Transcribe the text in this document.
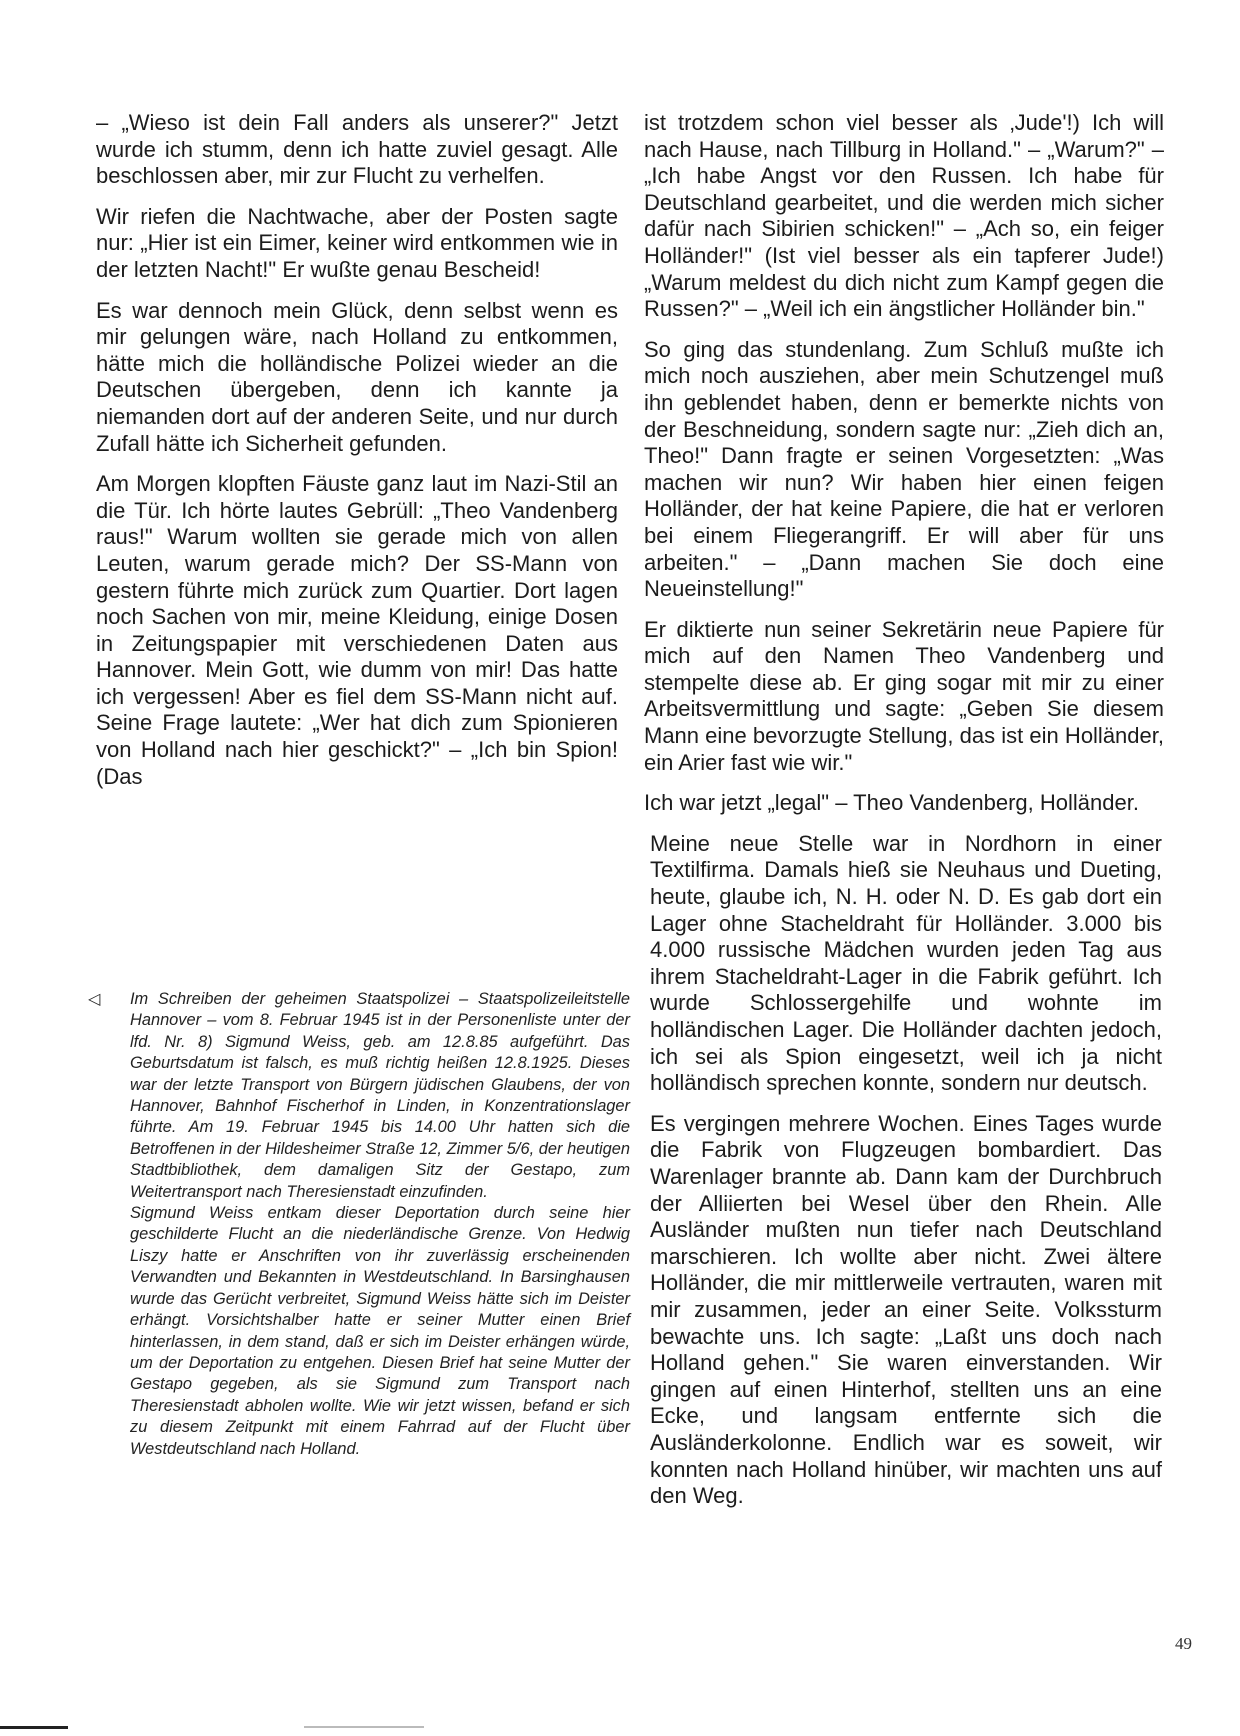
– „Wieso ist dein Fall anders als unserer?" Jetzt wurde ich stumm, denn ich hatte zuviel gesagt. Alle beschlossen aber, mir zur Flucht zu verhelfen.

Wir riefen die Nachtwache, aber der Posten sagte nur: „Hier ist ein Eimer, keiner wird entkommen wie in der letzten Nacht!" Er wußte genau Bescheid!

Es war dennoch mein Glück, denn selbst wenn es mir gelungen wäre, nach Holland zu entkommen, hätte mich die holländische Polizei wieder an die Deutschen übergeben, denn ich kannte ja niemanden dort auf der anderen Seite, und nur durch Zufall hätte ich Sicherheit gefunden.

Am Morgen klopften Fäuste ganz laut im Nazi-Stil an die Tür. Ich hörte lautes Gebrüll: „Theo Vandenberg raus!" Warum wollten sie gerade mich von allen Leuten, warum gerade mich? Der SS-Mann von gestern führte mich zurück zum Quartier. Dort lagen noch Sachen von mir, meine Kleidung, einige Dosen in Zeitungspapier mit verschiedenen Daten aus Hannover. Mein Gott, wie dumm von mir! Das hatte ich vergessen! Aber es fiel dem SS-Mann nicht auf. Seine Frage lautete: „Wer hat dich zum Spionieren von Holland nach hier geschickt?" – „Ich bin Spion! (Das

ist trotzdem schon viel besser als ‚Jude'!) Ich will nach Hause, nach Tillburg in Holland." – „Warum?" – „Ich habe Angst vor den Russen. Ich habe für Deutschland gearbeitet, und die werden mich sicher dafür nach Sibirien schicken!" – „Ach so, ein feiger Holländer!" (Ist viel besser als ein tapferer Jude!) „Warum meldest du dich nicht zum Kampf gegen die Russen?" – „Weil ich ein ängstlicher Holländer bin."

So ging das stundenlang. Zum Schluß mußte ich mich noch ausziehen, aber mein Schutzengel muß ihn geblendet haben, denn er bemerkte nichts von der Beschneidung, sondern sagte nur: „Zieh dich an, Theo!" Dann fragte er seinen Vorgesetzten: „Was machen wir nun? Wir haben hier einen feigen Holländer, der hat keine Papiere, die hat er verloren bei einem Fliegerangriff. Er will aber für uns arbeiten." – „Dann machen Sie doch eine Neueinstellung!"

Er diktierte nun seiner Sekretärin neue Papiere für mich auf den Namen Theo Vandenberg und stempelte diese ab. Er ging sogar mit mir zu einer Arbeitsvermittlung und sagte: „Geben Sie diesem Mann eine bevorzugte Stellung, das ist ein Holländer, ein Arier fast wie wir."

Ich war jetzt „legal" – Theo Vandenberg, Holländer.

Meine neue Stelle war in Nordhorn in einer Textilfirma. Damals hieß sie Neuhaus und Dueting, heute, glaube ich, N. H. oder N. D. Es gab dort ein Lager ohne Stacheldraht für Holländer. 3.000 bis 4.000 russische Mädchen wurden jeden Tag aus ihrem Stacheldraht-Lager in die Fabrik geführt. Ich wurde Schlossergehilfe und wohnte im holländischen Lager. Die Holländer dachten jedoch, ich sei als Spion eingesetzt, weil ich ja nicht holländisch sprechen konnte, sondern nur deutsch.

Es vergingen mehrere Wochen. Eines Tages wurde die Fabrik von Flugzeugen bombardiert. Das Warenlager brannte ab. Dann kam der Durchbruch der Alliierten bei Wesel über den Rhein. Alle Ausländer mußten nun tiefer nach Deutschland marschieren. Ich wollte aber nicht. Zwei ältere Holländer, die mir mittlerweile vertrauten, waren mit mir zusammen, jeder an einer Seite. Volkssturm bewachte uns. Ich sagte: „Laßt uns doch nach Holland gehen." Sie waren einverstanden. Wir gingen auf einen Hinterhof, stellten uns an eine Ecke, und langsam entfernte sich die Ausländerkolonne. Endlich war es soweit, wir konnten nach Holland hinüber, wir machten uns auf den Weg.

◁	Im Schreiben der geheimen Staatspolizei – Staatspolizeileitstelle Hannover – vom 8. Februar 1945 ist in der Personenliste unter der lfd. Nr. 8) Sigmund Weiss, geb. am 12.8.85 aufgeführt. Das Geburtsdatum ist falsch, es muß richtig heißen 12.8.1925. Dieses war der letzte Transport von Bürgern jüdischen Glaubens, der von Hannover, Bahnhof Fischerhof in Linden, in Konzentrationslager führte. Am 19. Februar 1945 bis 14.00 Uhr hatten sich die Betroffenen in der Hildesheimer Straße 12, Zimmer 5/6, der heutigen Stadtbibliothek, dem damaligen Sitz der Gestapo, zum Weitertransport nach Theresienstadt einzufinden.

Sigmund Weiss entkam dieser Deportation durch seine hier geschilderte Flucht an die niederländische Grenze. Von Hedwig Liszy hatte er Anschriften von ihr zuverlässig erscheinenden Verwandten und Bekannten in Westdeutschland. In Barsinghausen wurde das Gerücht verbreitet, Sigmund Weiss hätte sich im Deister erhängt. Vorsichtshalber hatte er seiner Mutter einen Brief hinterlassen, in dem stand, daß er sich im Deister erhängen würde, um der Deportation zu entgehen. Diesen Brief hat seine Mutter der Gestapo gegeben, als sie Sigmund zum Transport nach Theresienstadt abholen wollte. Wie wir jetzt wissen, befand er sich zu diesem Zeitpunkt mit einem Fahrrad auf der Flucht über Westdeutschland nach Holland.

49
